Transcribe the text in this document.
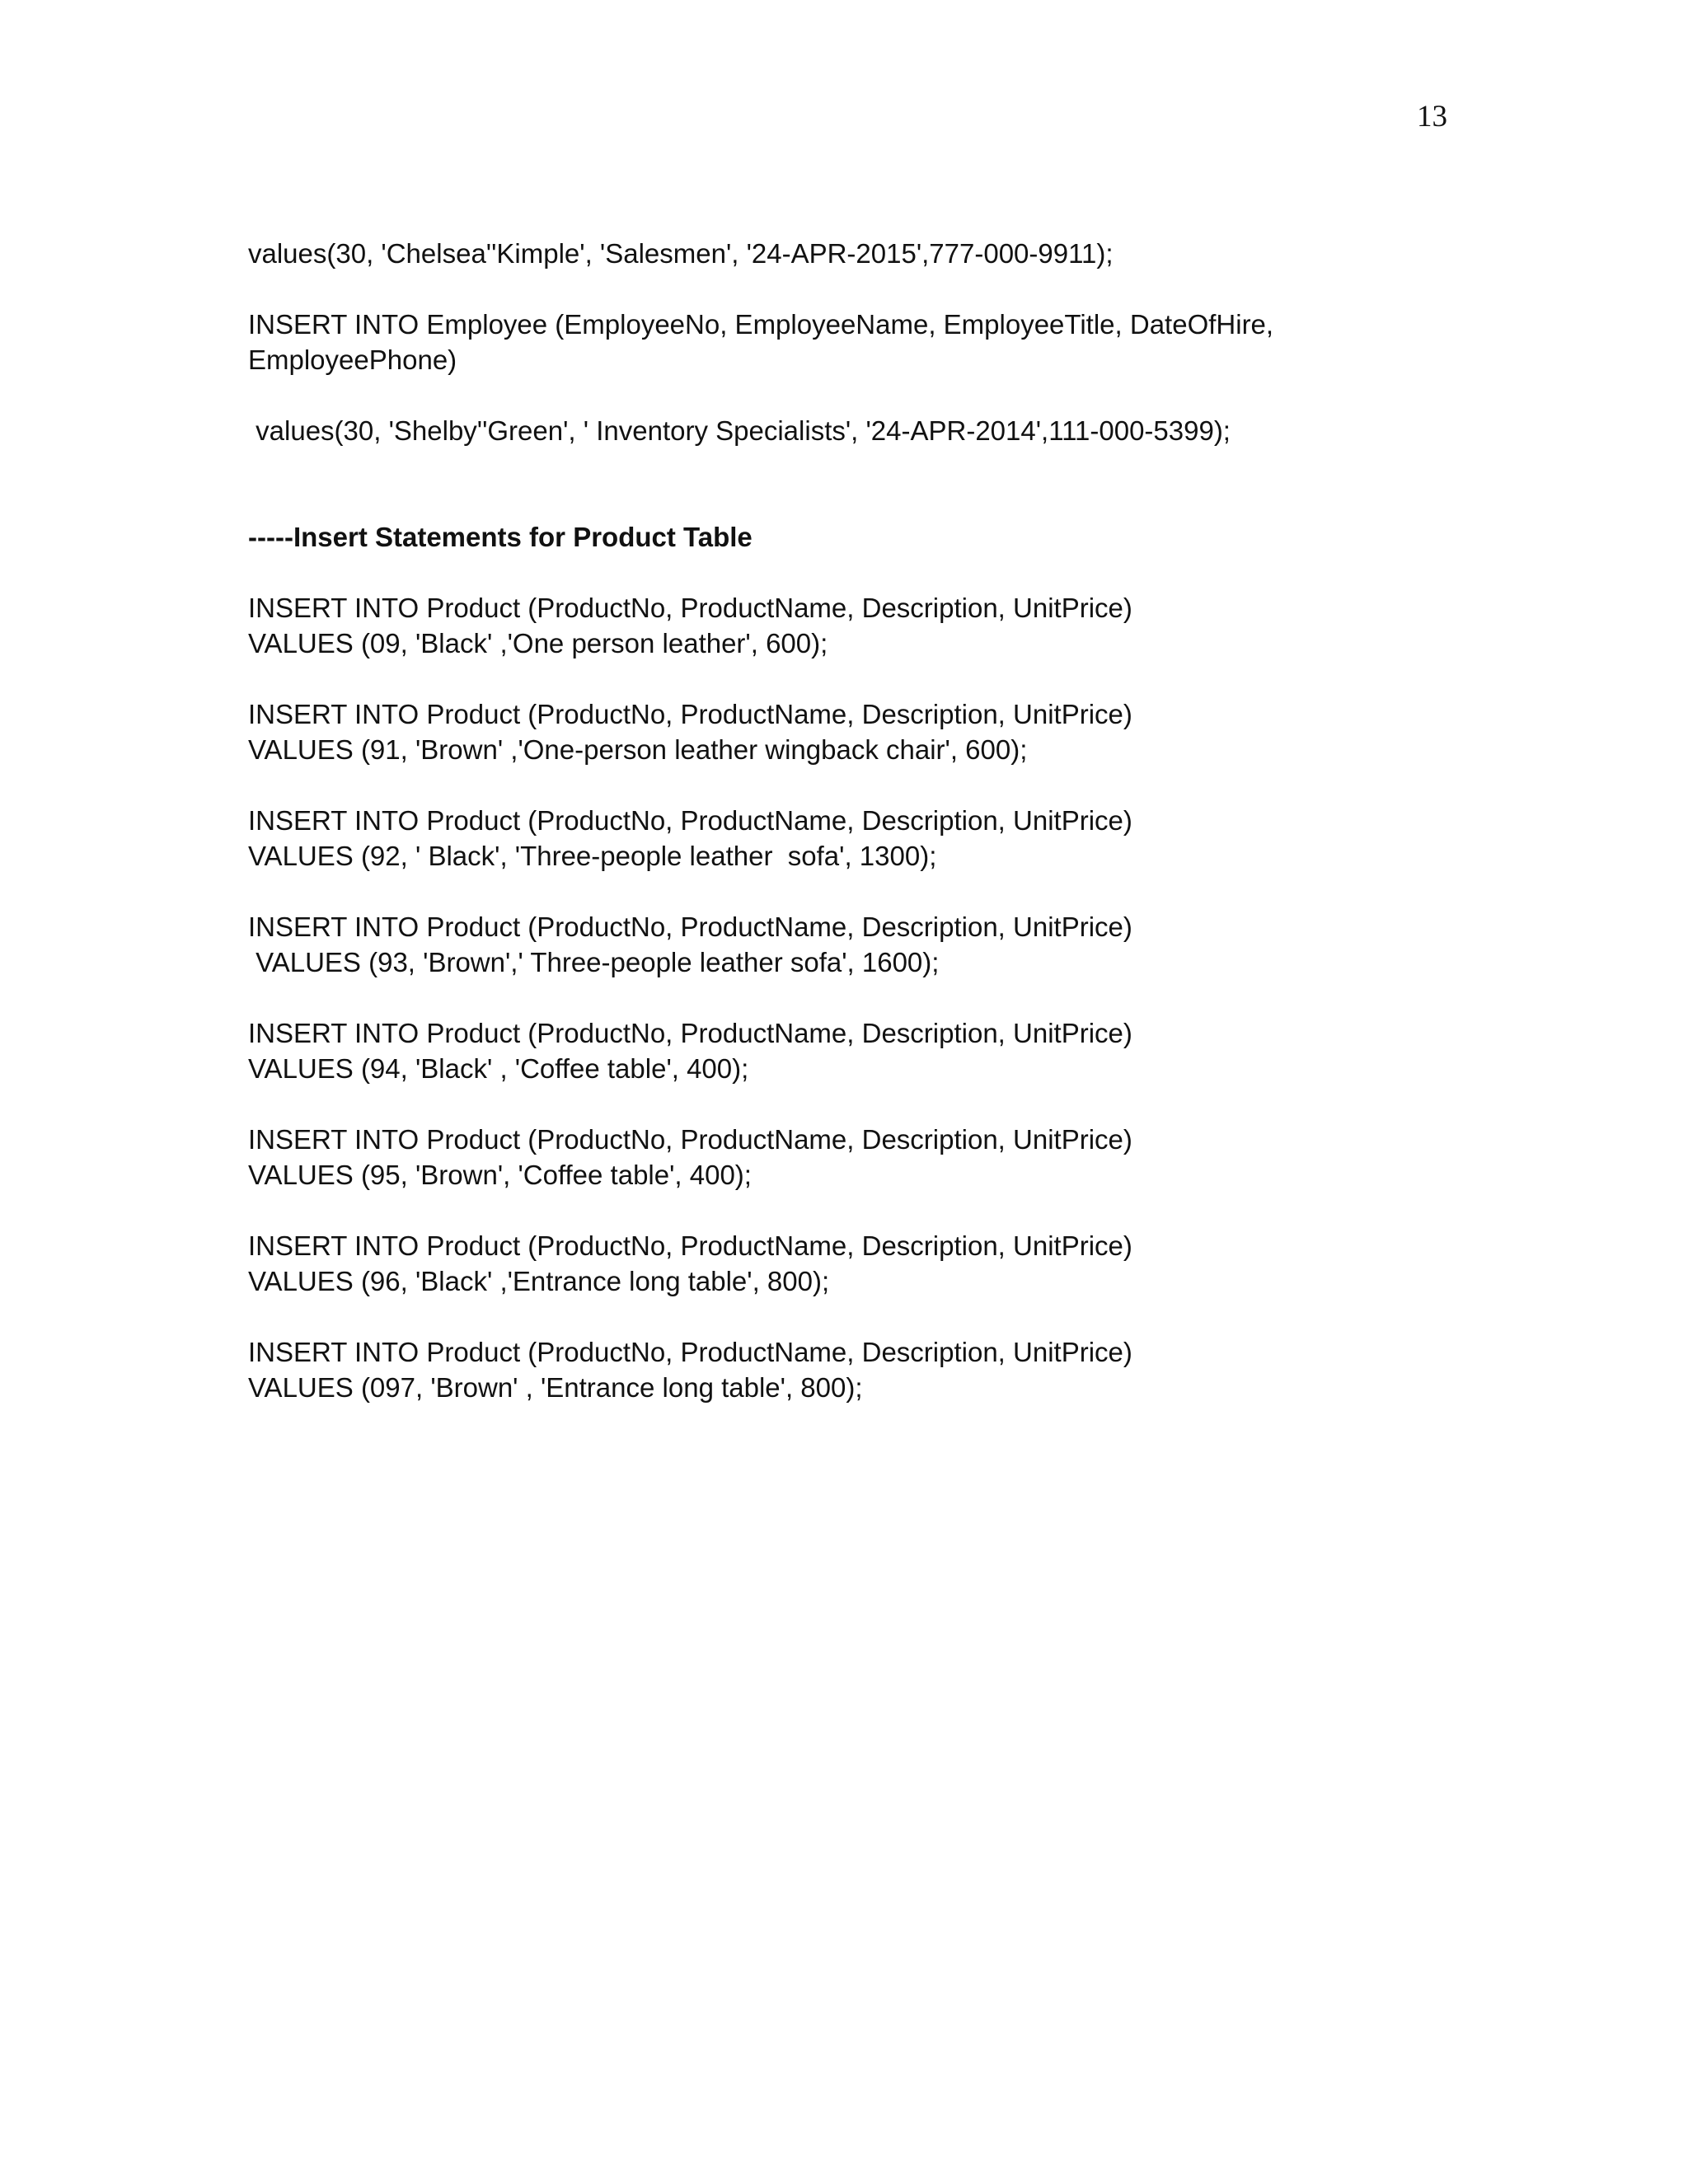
13
values(30, 'Chelsea''Kimple', 'Salesmen', '24-APR-2015',777-000-9911);
INSERT INTO Employee (EmployeeNo, EmployeeName, EmployeeTitle, DateOfHire,
EmployeePhone)
values(30, 'Shelby''Green', ' Inventory Specialists', '24-APR-2014',111-000-5399);
-----Insert Statements for Product Table
INSERT INTO Product (ProductNo, ProductName, Description, UnitPrice)
VALUES (09, 'Black' ,'One person leather', 600);
INSERT INTO Product (ProductNo, ProductName, Description, UnitPrice)
VALUES (91, 'Brown' ,'One-person leather wingback chair', 600);
INSERT INTO Product (ProductNo, ProductName, Description, UnitPrice)
VALUES (92, ' Black', 'Three-people leather  sofa', 1300);
INSERT INTO Product (ProductNo, ProductName, Description, UnitPrice)
VALUES (93, 'Brown',' Three-people leather sofa', 1600);
INSERT INTO Product (ProductNo, ProductName, Description, UnitPrice)
VALUES (94, 'Black' , 'Coffee table', 400);
INSERT INTO Product (ProductNo, ProductName, Description, UnitPrice)
VALUES (95, 'Brown', 'Coffee table', 400);
INSERT INTO Product (ProductNo, ProductName, Description, UnitPrice)
VALUES (96, 'Black' ,'Entrance long table', 800);
INSERT INTO Product (ProductNo, ProductName, Description, UnitPrice)
VALUES (097, 'Brown' , 'Entrance long table', 800);
